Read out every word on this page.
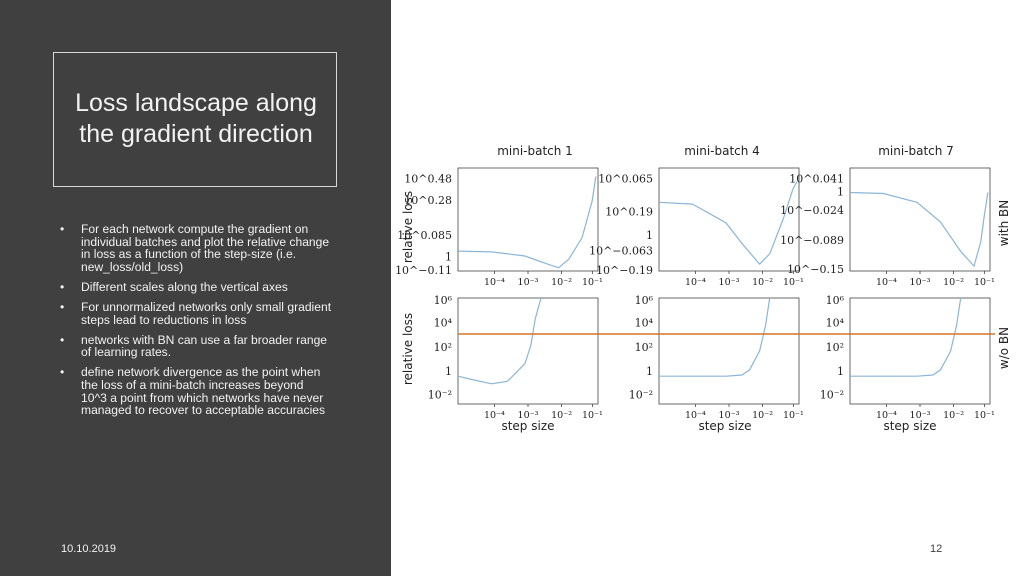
Loss landscape along
the gradient direction
• For each network compute the gradient on individual batches and plot the relative change in loss as a function of the step-size (i.e. new_loss/old_loss)
• Different scales along the vertical axes
• For unnormalized networks only small gradient steps lead to reductions in loss
• networks with BN can use a far broader range of learning rates.
• define network divergence as the point when the loss of a mini-batch increases beyond 10^3 a point from which networks have never managed to recover to acceptable accuracies
10.10.2019
mini-batch 1	mini-batch 4	mini-batch 7
relative loss
relative loss
with BN
w/o BN
step size	step size	step size
10^0.48
10^0.28
10^0.085
1
10^−0.11
10⁻⁴ 10⁻³ 10⁻² 10⁻¹
10^0.065
10^0.19
1
10^−0.063
10^−0.19
10⁻⁴ 10⁻³ 10⁻² 10⁻¹
10^0.041
1
10^−0.024
10^−0.089
10^−0.15
10⁻⁴ 10⁻³ 10⁻² 10⁻¹
10⁶
10⁴
10²
1
10⁻²
10⁻⁴ 10⁻³ 10⁻² 10⁻¹
10⁶
10⁴
10²
1
10⁻²
10⁻⁴ 10⁻³ 10⁻² 10⁻¹
10⁶
10⁴
10²
1
10⁻²
10⁻⁴ 10⁻³ 10⁻² 10⁻¹
12
